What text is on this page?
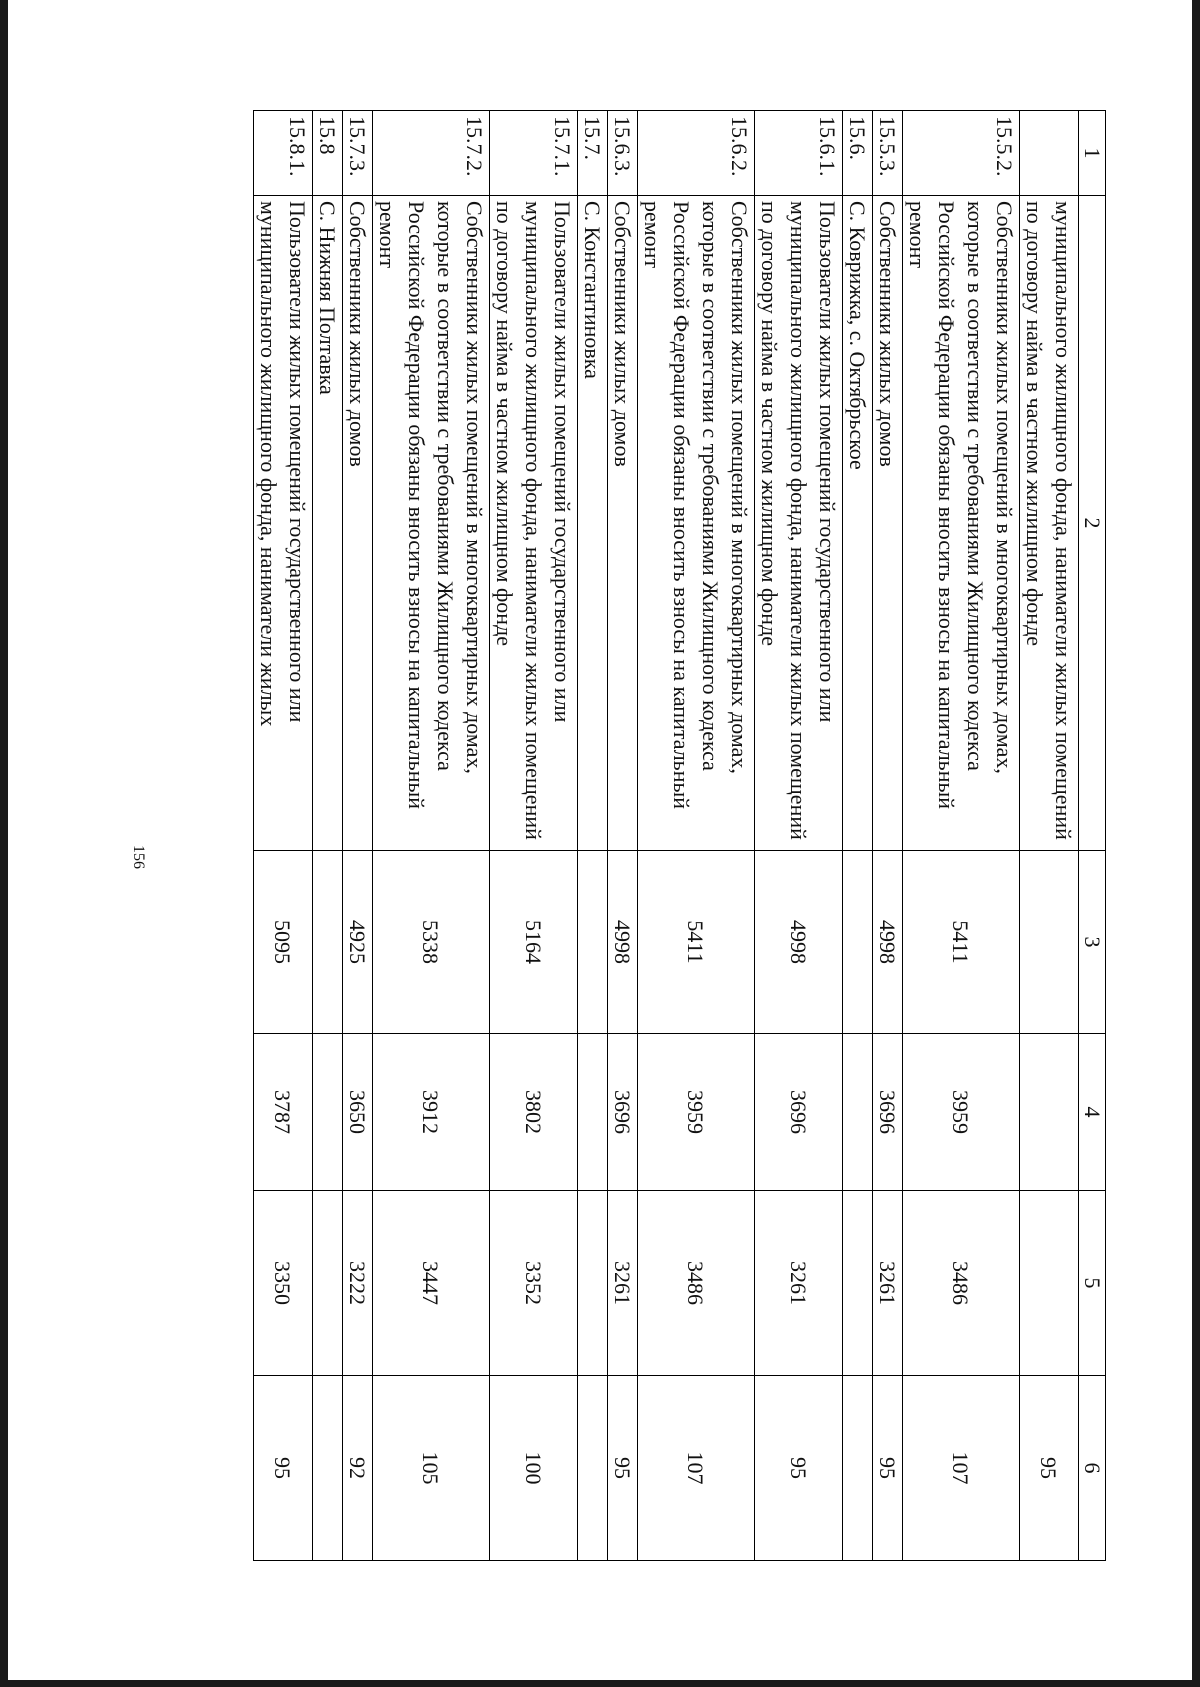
156
1	2	3	4	5	6
	муниципального жилищного фонда, наниматели жилых помещений по договору найма в частном жилищном фонде				95
15.5.2.	Собственники жилых помещений в многоквартирных домах, которые в соответствии с требованиями Жилищного кодекса Российской Федерации обязаны вносить взносы на капитальный ремонт	5411	3959	3486	107
15.5.3.	Собственники жилых домов	4998	3696	3261	95
15.6.	С. Коврижка, с. Октябрьское				
15.6.1.	Пользователи жилых помещений государственного или муниципального жилищного фонда, наниматели жилых помещений по договору найма в частном жилищном фонде	4998	3696	3261	95
15.6.2.	Собственники жилых помещений в многоквартирных домах, которые в соответствии с требованиями Жилищного кодекса Российской Федерации обязаны вносить взносы на капитальный ремонт	5411	3959	3486	107
15.6.3.	Собственники жилых домов	4998	3696	3261	95
15.7.	С. Константиновка				
15.7.1.	Пользователи жилых помещений государственного или муниципального жилищного фонда, наниматели жилых помещений по договору найма в частном жилищном фонде	5164	3802	3352	100
15.7.2.	Собственники жилых помещений в многоквартирных домах, которые в соответствии с требованиями Жилищного кодекса Российской Федерации обязаны вносить взносы на капитальный ремонт	5338	3912	3447	105
15.7.3.	Собственники жилых домов	4925	3650	3222	92
15.8	С. Нижняя Полтавка				
15.8.1.	Пользователи жилых помещений государственного или муниципального жилищного фонда, наниматели жилых	5095	3787	3350	95
